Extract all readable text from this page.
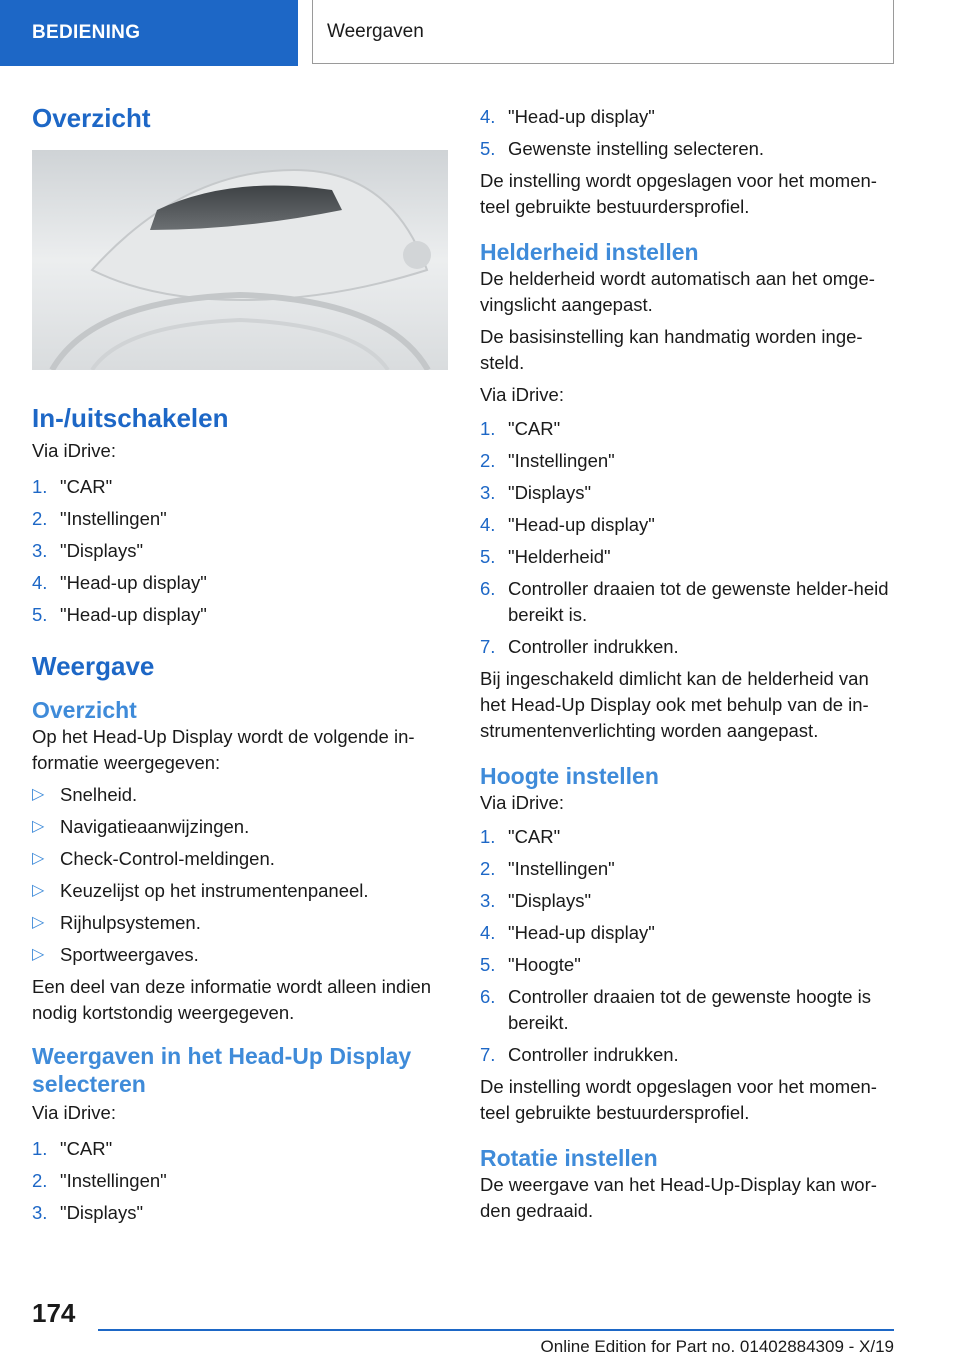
BEDIENING	Weergaven
Overzicht
In-/uitschakelen

Via iDrive:

1. "CAR"
2. "Instellingen"
3. "Displays"
4. "Head-up display"
5. "Head-up display"
Weergave
Overzicht

Op het Head-Up Display wordt de volgende in-formatie weergegeven:

▷ Snelheid.
▷ Navigatieaanwijzingen.
▷ Check-Control-meldingen.
▷ Keuzelijst op het instrumentenpaneel.
▷ Rijhulpsystemen.
▷ Sportweergaves.

Een deel van deze informatie wordt alleen indien nodig kortstondig weergegeven.

Weergaven in het Head-Up Display selecteren

Via iDrive:

1. "CAR"
2. "Instellingen"
3. "Displays"
4. "Head-up display"
5. Gewenste instelling selecteren.

De instelling wordt opgeslagen voor het momen-teel gebruikte bestuurdersprofiel.

Helderheid instellen

De helderheid wordt automatisch aan het omge-vingslicht aangepast.

De basisinstelling kan handmatig worden inge-steld.

Via iDrive:

1. "CAR"
2. "Instellingen"
3. "Displays"
4. "Head-up display"
5. "Helderheid"
6. Controller draaien tot de gewenste helder-heid bereikt is.
7. Controller indrukken.

Bij ingeschakeld dimlicht kan de helderheid van het Head-Up Display ook met behulp van de in-strumentenverlichting worden aangepast.

Hoogte instellen

Via iDrive:

1. "CAR"
2. "Instellingen"
3. "Displays"
4. "Head-up display"
5. "Hoogte"
6. Controller draaien tot de gewenste hoogte is bereikt.
7. Controller indrukken.

De instelling wordt opgeslagen voor het momen-teel gebruikte bestuurdersprofiel.

Rotatie instellen

De weergave van het Head-Up-Display kan wor-den gedraaid.

174
Online Edition for Part no. 01402884309 - X/19
